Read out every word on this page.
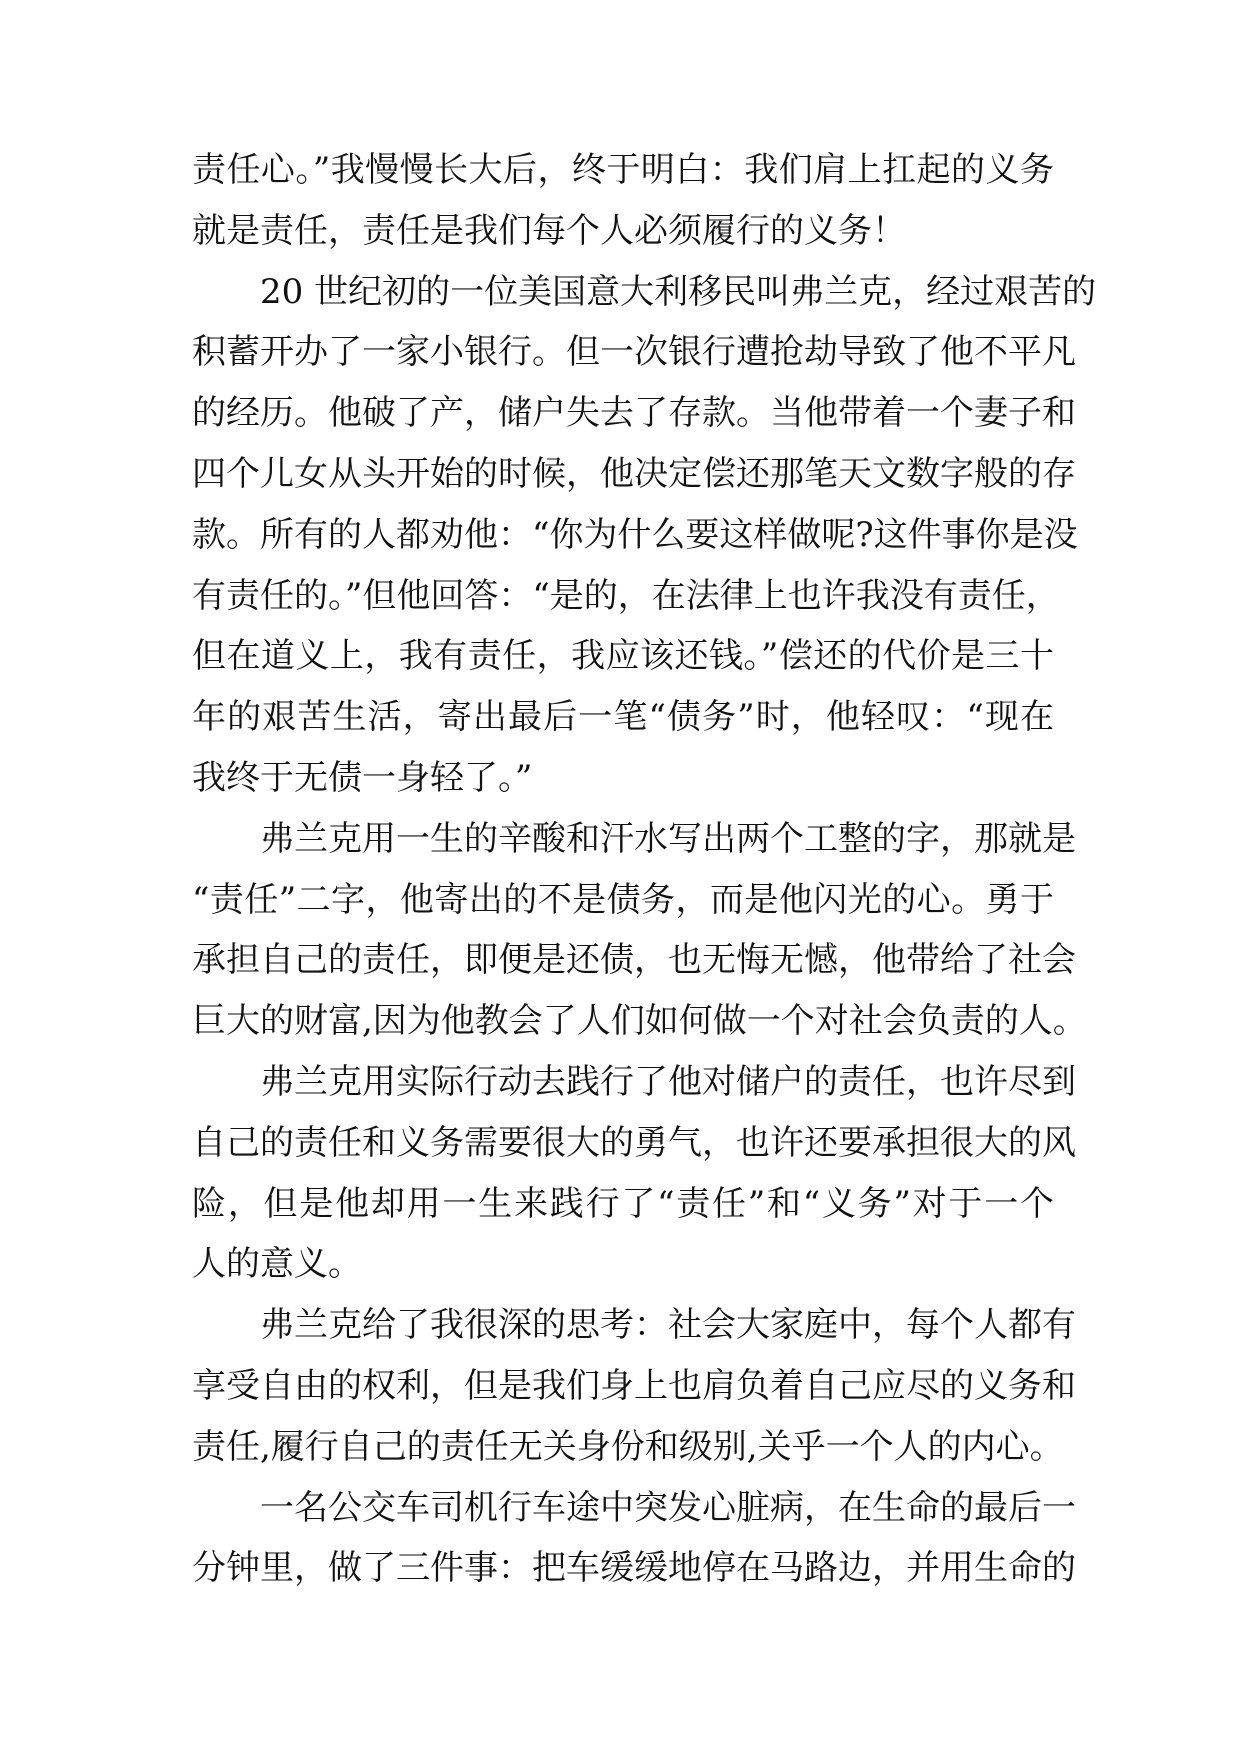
责任心。”我慢慢长大后，终于明白：我们肩上扛起的义务
就是责任，责任是我们每个人必须履行的义务！
20 世纪初的一位美国意大利移民叫弗兰克，经过艰苦的
积蓄开办了一家小银行。但一次银行遭抢劫导致了他不平凡
的经历。他破了产，储户失去了存款。当他带着一个妻子和
四个儿女从头开始的时候，他决定偿还那笔天文数字般的存
款。所有的人都劝他：“你为什么要这样做呢?这件事你是没
有责任的。”但他回答：“是的，在法律上也许我没有责任，
但在道义上，我有责任，我应该还钱。”偿还的代价是三十
年的艰苦生活，寄出最后一笔“债务”时，他轻叹：“现在
我终于无债一身轻了。”
弗兰克用一生的辛酸和汗水写出两个工整的字，那就是
“责任”二字，他寄出的不是债务，而是他闪光的心。勇于
承担自己的责任，即便是还债，也无悔无憾，他带给了社会
巨大的财富,因为他教会了人们如何做一个对社会负责的人。
弗兰克用实际行动去践行了他对储户的责任，也许尽到
自己的责任和义务需要很大的勇气，也许还要承担很大的风
险，但是他却用一生来践行了“责任”和“义务”对于一个
人的意义。
弗兰克给了我很深的思考：社会大家庭中，每个人都有
享受自由的权利，但是我们身上也肩负着自己应尽的义务和
责任,履行自己的责任无关身份和级别,关乎一个人的内心。
一名公交车司机行车途中突发心脏病，在生命的最后一
分钟里，做了三件事：把车缓缓地停在马路边，并用生命的
